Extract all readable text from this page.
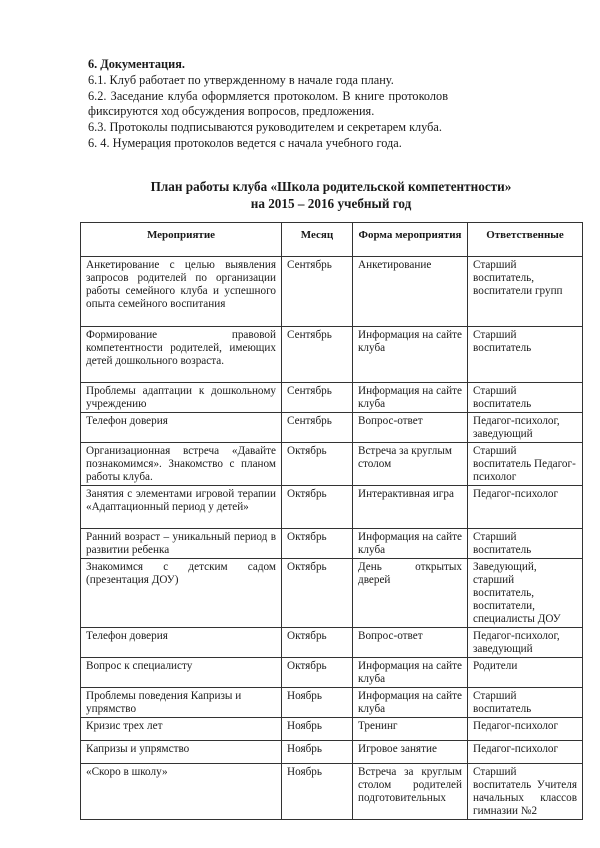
6. Документация.

6.1. Клуб работает по утвержденному в начале года плану.

6.2. Заседание клуба оформляется протоколом. В книге протоколов

фиксируются ход обсуждения вопросов, предложения.

6.3. Протоколы подписываются руководителем и секретарем клуба.

6. 4. Нумерация протоколов ведется с начала учебного года.

План работы клуба «Школа родительской компетентности»
на 2015 – 2016 учебный год
Мероприятие	Месяц	Форма мероприятия	Ответственные
Анкетирование с целью выявления запросов родителей по организации работы семейного клуба и успешного опыта семейного воспитания	Сентябрь	Анкетирование	Старший воспитатель, воспитатели групп
Формирование правовой компетентности родителей, имеющих детей дошкольного возраста.	Сентябрь	Информация на сайте клуба	Старший воспитатель
Проблемы адаптации к дошкольному учреждению	Сентябрь	Информация на сайте клуба	Старший воспитатель
Телефон доверия	Сентябрь	Вопрос-ответ	Педагог-психолог, заведующий
Организационная встреча «Давайте познакомимся». Знакомство с планом работы клуба.	Октябрь	Встреча за круглым столом	Старший воспитатель Педагог-психолог
Занятия с элементами игровой терапии «Адаптационный период у детей»	Октябрь	Интерактивная игра	Педагог-психолог
Ранний возраст – уникальный период в развитии ребенка	Октябрь	Информация на сайте клуба	Старший воспитатель
Знакомимся с детским садом (презентация ДОУ)	Октябрь	День открытых дверей	Заведующий, старший воспитатель, воспитатели, специалисты ДОУ
Телефон доверия	Октябрь	Вопрос-ответ	Педагог-психолог, заведующий
Вопрос к специалисту	Октябрь	Информация на сайте клуба	Родители
Проблемы поведения Капризы и упрямство	Ноябрь	Информация на сайте клуба	Старший воспитатель
Кризис трех лет	Ноябрь	Тренинг	Педагог-психолог
Капризы и упрямство	Ноябрь	Игровое занятие	Педагог-психолог
«Скоро в школу»	Ноябрь	Встреча за круглым столом родителей подготовительных	Старший воспитатель Учителя начальных классов гимназии №2
